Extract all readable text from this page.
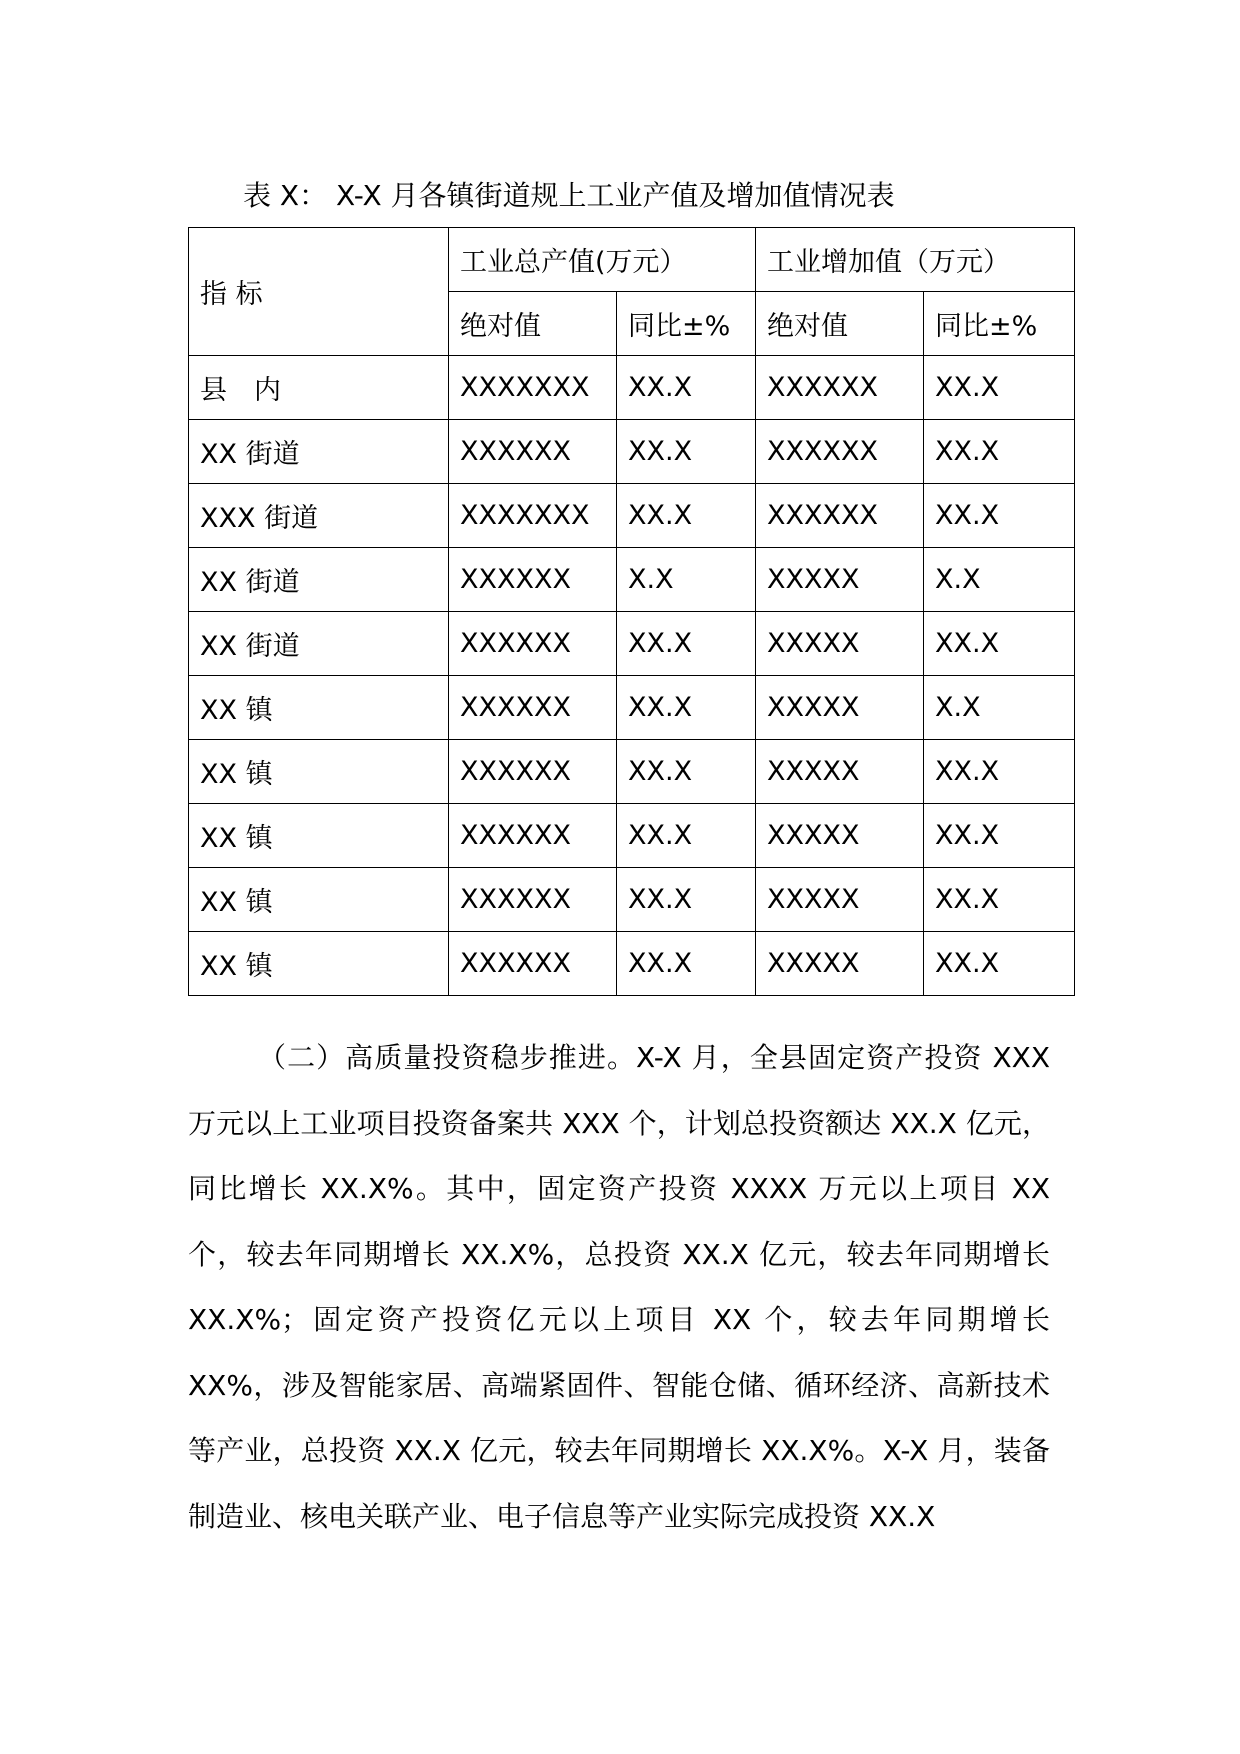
表 X： X-X 月各镇街道规上工业产值及增加值情况表
指 标	工业总产值(万元）		工业增加值（万元）	
	绝对值	同比±%	绝对值	同比±%
县　内	XXXXXXX	XX.X	XXXXXX	XX.X
XX 街道	XXXXXX	XX.X	XXXXXX	XX.X
XXX 街道	XXXXXXX	XX.X	XXXXXX	XX.X
XX 街道	XXXXXX	X.X	XXXXX	X.X
XX 街道	XXXXXX	XX.X	XXXXX	XX.X
XX 镇	XXXXXX	XX.X	XXXXX	X.X
XX 镇	XXXXXX	XX.X	XXXXX	XX.X
XX 镇	XXXXXX	XX.X	XXXXX	XX.X
XX 镇	XXXXXX	XX.X	XXXXX	XX.X
XX 镇	XXXXXX	XX.X	XXXXX	XX.X

（二）高质量投资稳步推进。X-X 月，全县固定资产投资 XXX 万元以上工业项目投资备案共 XXX 个，计划总投资额达 XX.X 亿元，同比增长 XX.X%。其中，固定资产投资 XXXX 万元以上项目 XX 个，较去年同期增长 XX.X%，总投资 XX.X 亿元，较去年同期增长 XX.X%；固定资产投资亿元以上项目 XX 个，较去年同期增长 XX%，涉及智能家居、高端紧固件、智能仓储、循环经济、高新技术等产业，总投资 XX.X 亿元，较去年同期增长 XX.X%。X-X 月，装备制造业、核电关联产业、电子信息等产业实际完成投资 XX.X
